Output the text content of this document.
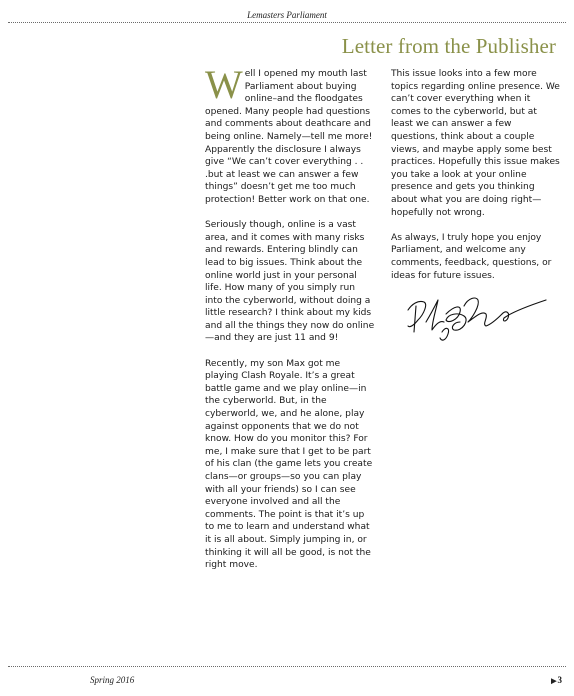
Lemasters Parliament
Letter from the Publisher

Well I opened my mouth last Parliament about buying online–and the floodgates opened. Many people had questions and comments about deathcare and being online. Namely—tell me more! Apparently the disclosure I always give “We can’t cover everything . . .but at least we can answer a few things” doesn’t get me too much protection! Better work on that one.

Seriously though, online is a vast area, and it comes with many risks and rewards. Entering blindly can lead to big issues. Think about the online world just in your personal life. How many of you simply run into the cyberworld, without doing a little research? I think about my kids and all the things they now do online—and they are just 11 and 9!

Recently, my son Max got me playing Clash Royale. It’s a great battle game and we play online—in the cyberworld. But, in the cyberworld, we, and he alone, play against opponents that we do not know. How do you monitor this? For me, I make sure that I get to be part of his clan (the game lets you create clans—or groups—so you can play with all your friends) so I can see everyone involved and all the comments. The point is that it’s up to me to learn and understand what it is all about. Simply jumping in, or thinking it will all be good, is not the right move.

This issue looks into a few more topics regarding online presence. We can’t cover everything when it comes to the cyberworld, but at least we can answer a few questions, think about a couple views, and maybe apply some best practices. Hopefully this issue makes you take a look at your online presence and gets you thinking about what you are doing right—hopefully not wrong.

As always, I truly hope you enjoy Parliament, and welcome any comments, feedback, questions, or ideas for future issues.

Spring 2016	▶3
